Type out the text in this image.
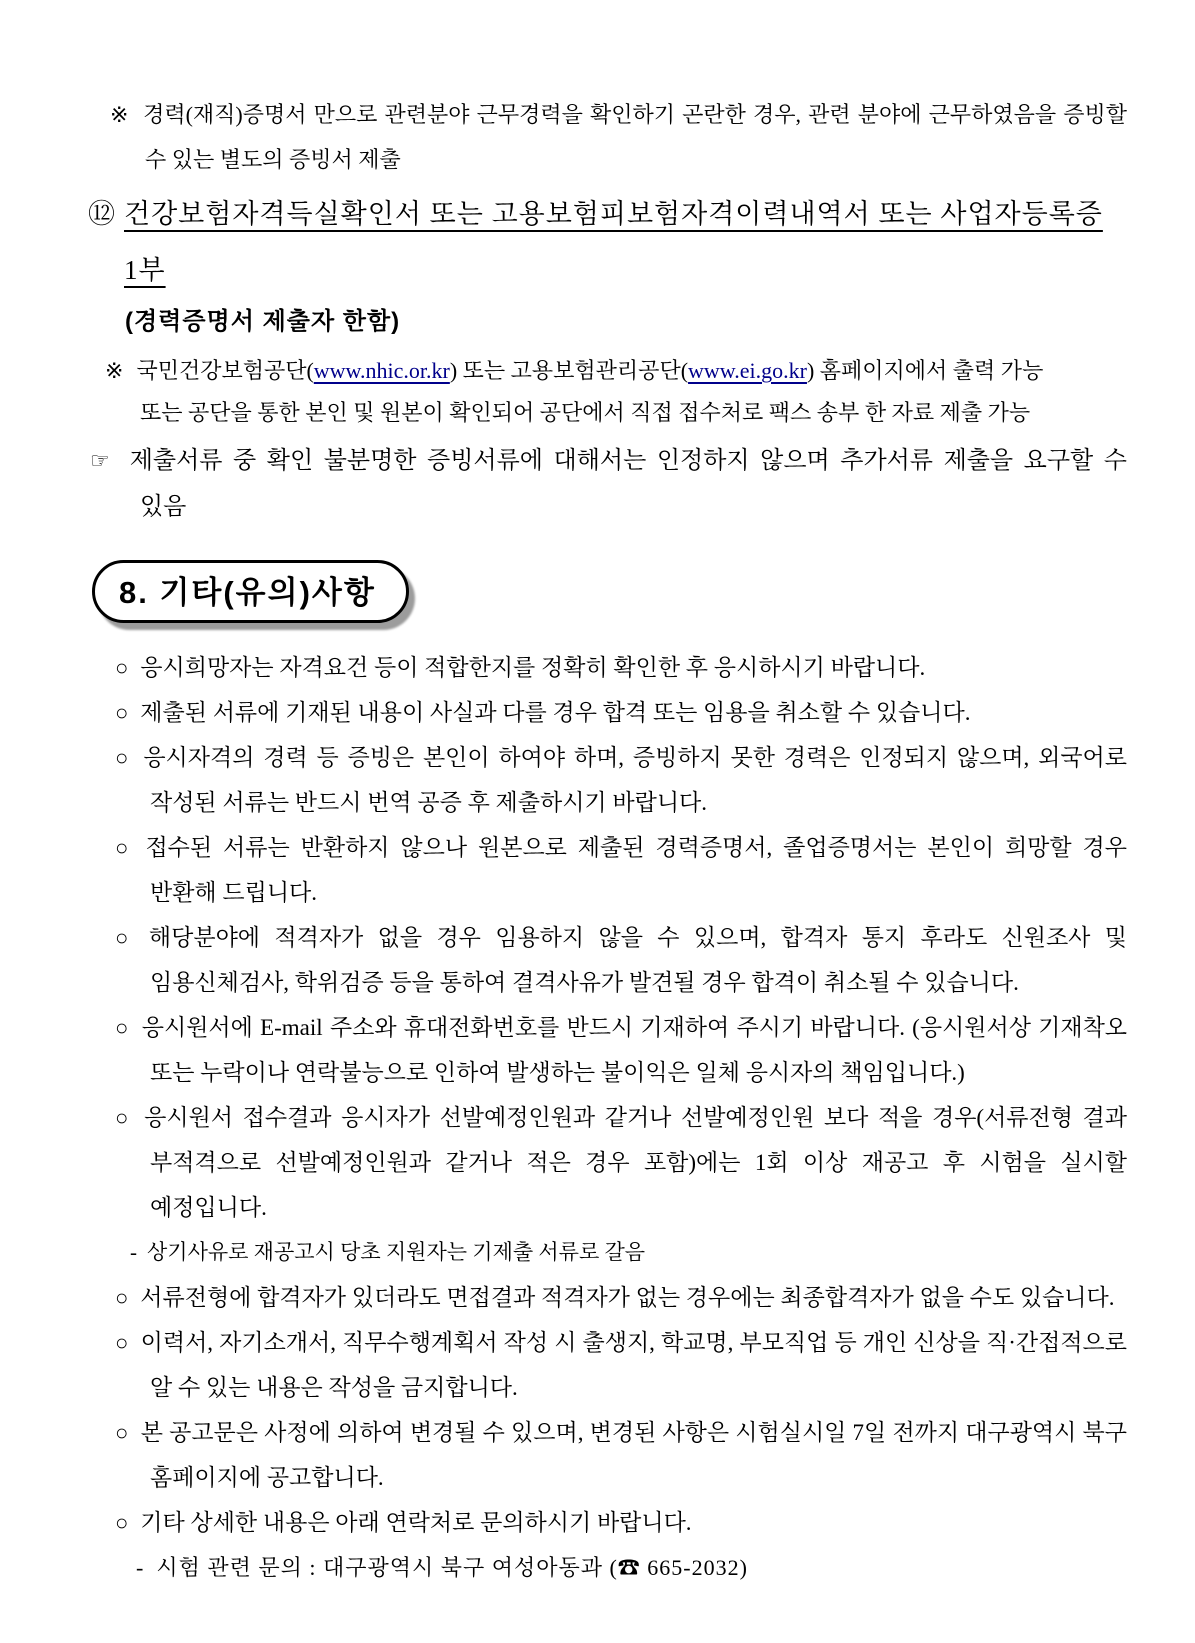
※ 경력(재직)증명서 만으로 관련분야 근무경력을 확인하기 곤란한 경우, 관련 분야에 근무하였음을 증빙할 수 있는 별도의 증빙서 제출

⑫ 건강보험자격득실확인서 또는 고용보험피보험자격이력내역서 또는 사업자등록증 1부

(경력증명서 제출자 한함)

※ 국민건강보험공단(www.nhic.or.kr) 또는 고용보험관리공단(www.ei.go.kr) 홈페이지에서 출력 가능
또는 공단을 통한 본인 및 원본이 확인되어 공단에서 직접 접수처로 팩스 송부 한 자료 제출 가능

☞ 제출서류 중 확인 불분명한 증빙서류에 대해서는 인정하지 않으며 추가서류 제출을 요구할 수 있음

8. 기타(유의)사항

○ 응시희망자는 자격요건 등이 적합한지를 정확히 확인한 후 응시하시기 바랍니다.

○ 제출된 서류에 기재된 내용이 사실과 다를 경우 합격 또는 임용을 취소할 수 있습니다.

○ 응시자격의 경력 등 증빙은 본인이 하여야 하며, 증빙하지 못한 경력은 인정되지 않으며, 외국어로 작성된 서류는 반드시 번역 공증 후 제출하시기 바랍니다.

○ 접수된 서류는 반환하지 않으나 원본으로 제출된 경력증명서, 졸업증명서는 본인이 희망할 경우 반환해 드립니다.

○ 해당분야에 적격자가 없을 경우 임용하지 않을 수 있으며, 합격자 통지 후라도 신원조사 및 임용신체검사, 학위검증 등을 통하여 결격사유가 발견될 경우 합격이 취소될 수 있습니다.

○ 응시원서에 E-mail 주소와 휴대전화번호를 반드시 기재하여 주시기 바랍니다. (응시원서상 기재착오 또는 누락이나 연락불능으로 인하여 발생하는 불이익은 일체 응시자의 책임입니다.)

○ 응시원서 접수결과 응시자가 선발예정인원과 같거나 선발예정인원 보다 적을 경우(서류전형 결과 부적격으로 선발예정인원과 같거나 적은 경우 포함)에는 1회 이상 재공고 후 시험을 실시할 예정입니다.

- 상기사유로 재공고시 당초 지원자는 기제출 서류로 갈음

○ 서류전형에 합격자가 있더라도 면접결과 적격자가 없는 경우에는 최종합격자가 없을 수도 있습니다.

○ 이력서, 자기소개서, 직무수행계획서 작성 시 출생지, 학교명, 부모직업 등 개인 신상을 직·간접적으로 알 수 있는 내용은 작성을 금지합니다.

○ 본 공고문은 사정에 의하여 변경될 수 있으며, 변경된 사항은 시험실시일 7일 전까지 대구광역시 북구 홈페이지에 공고합니다.

○ 기타 상세한 내용은 아래 연락처로 문의하시기 바랍니다.

- 시험 관련 문의 : 대구광역시 북구 여성아동과 (☎ 665-2032)
